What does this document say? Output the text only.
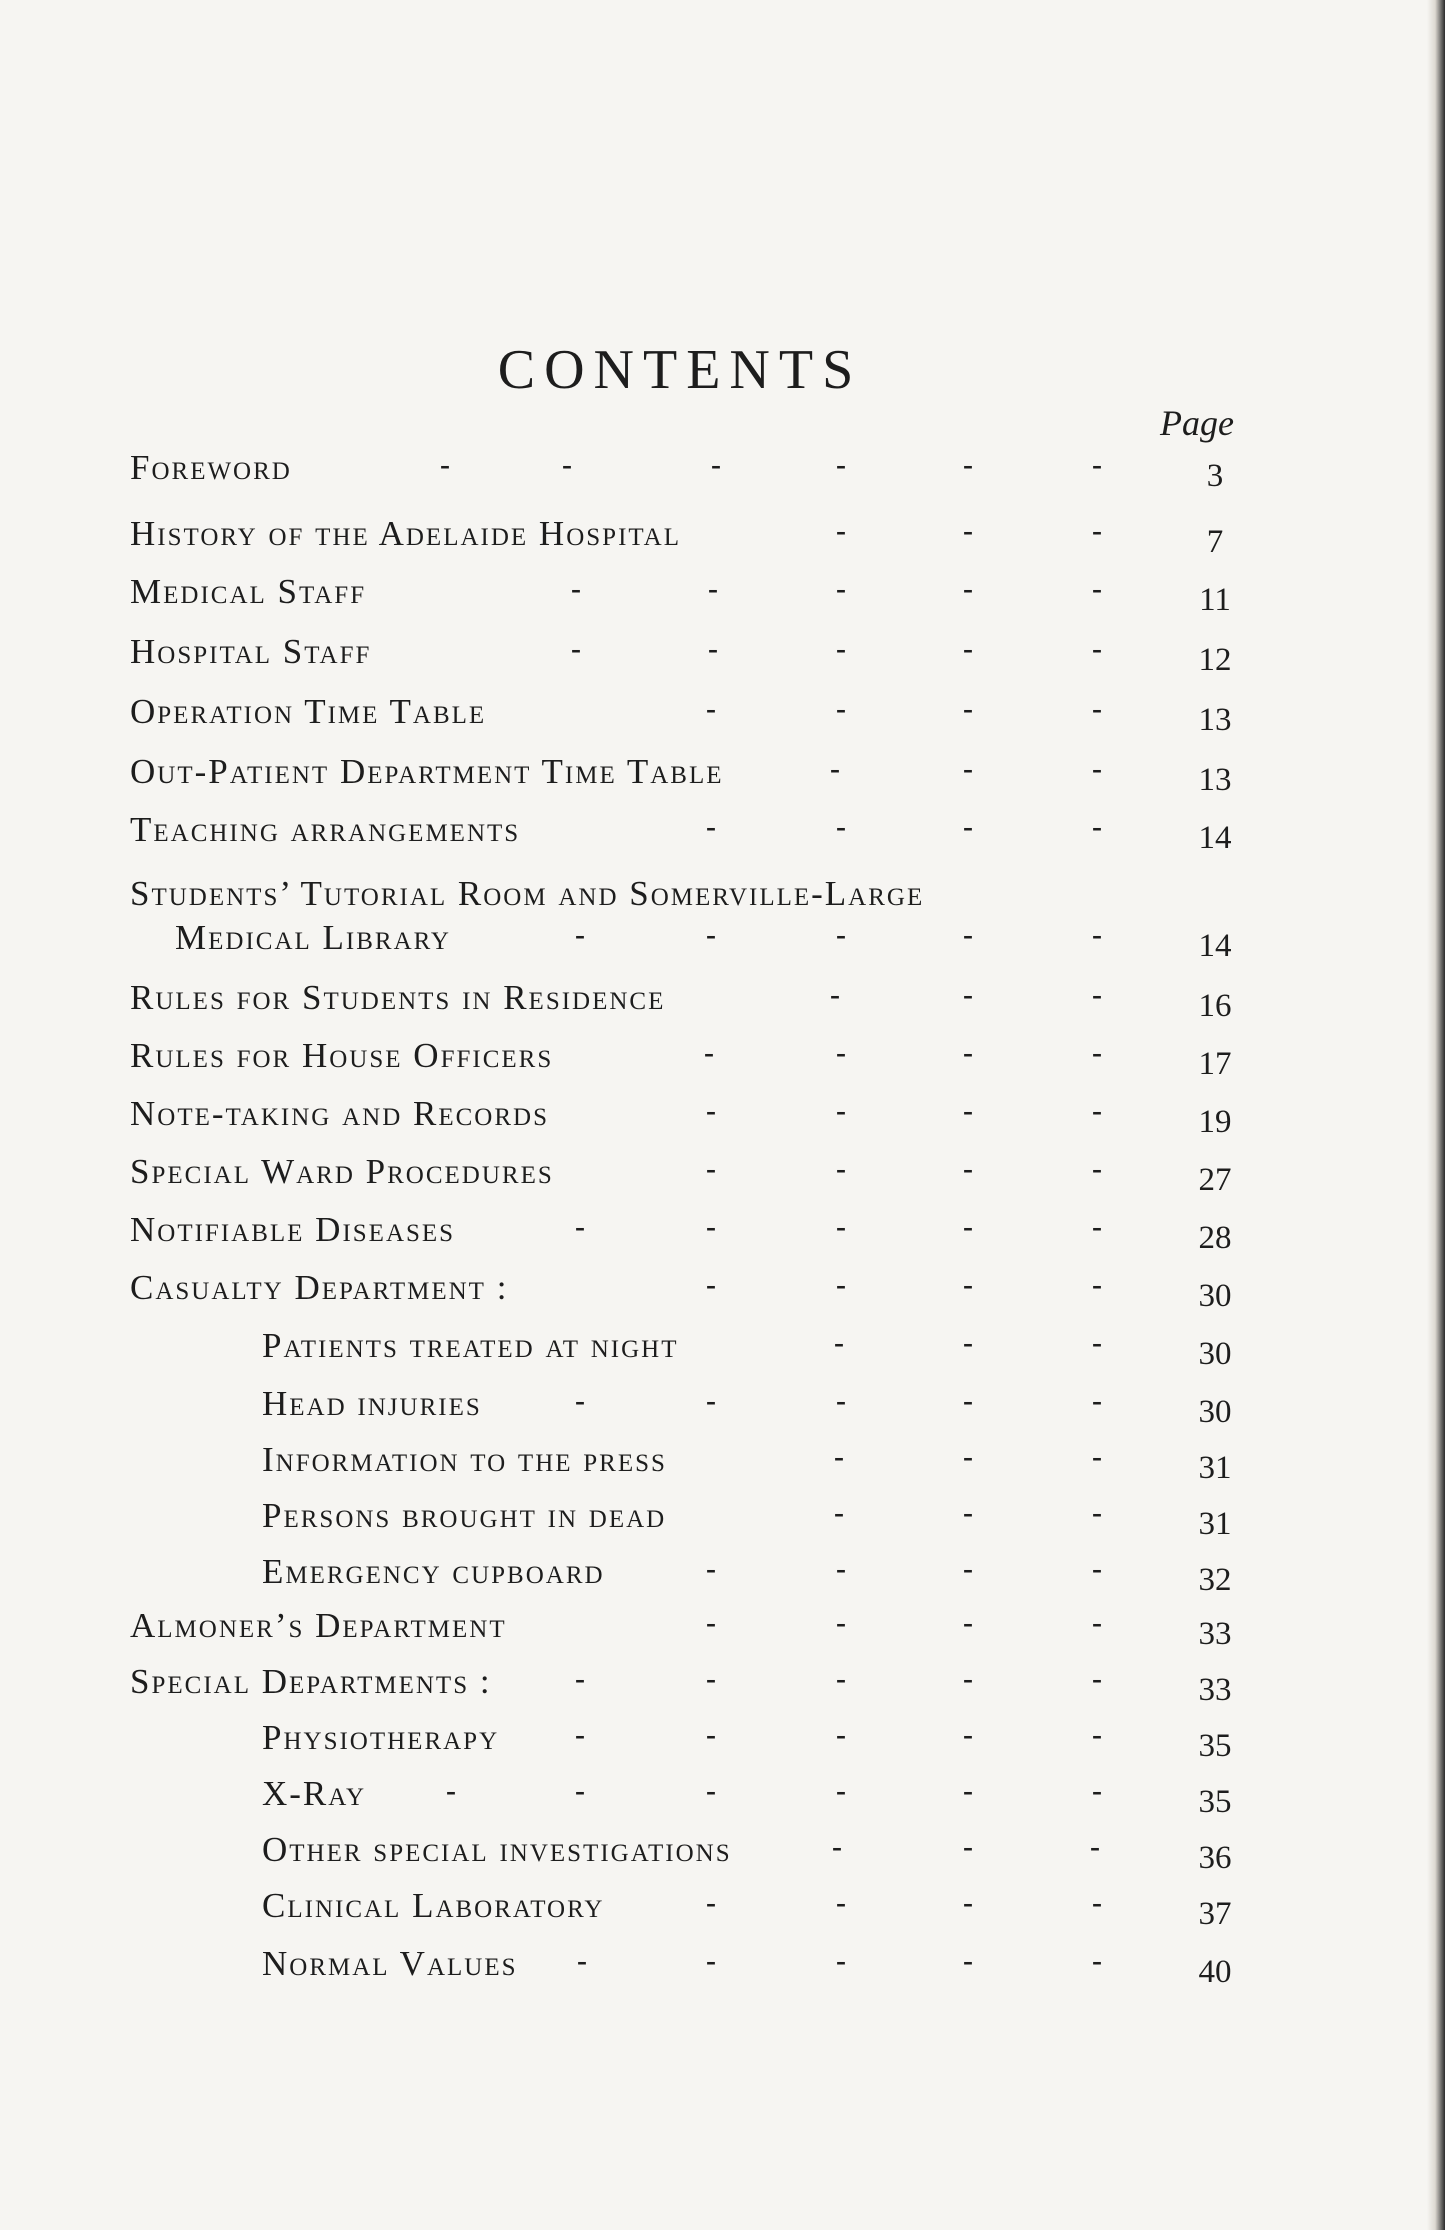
CONTENTS
Page
Foreword	-	-	-	-	-	-	3
History of the Adelaide Hospital	-	-	-	7
Medical Staff	-	-	-	-	-	11
Hospital Staff	-	-	-	-	-	12
Operation Time Table	-	-	-	-	13
Out-Patient Department Time Table	-	-	-	13
Teaching arrangements	-	-	-	-	14
Students’ Tutorial Room and Somerville-Large
Medical Library	-	-	-	-	-	14
Rules for Students in Residence	-	-	-	16
Rules for House Officers	-	-	-	-	17
Note-taking and Records	-	-	-	-	19
Special Ward Procedures	-	-	-	-	27
Notifiable Diseases	-	-	-	-	-	28
Casualty Department :	-	-	-	-	30
Patients treated at night	-	-	-	30
Head injuries	-	-	-	-	-	30
Information to the press	-	-	-	31
Persons brought in dead	-	-	-	31
Emergency cupboard	-	-	-	-	32
Almoner’s Department	-	-	-	-	33
Special Departments :	-	-	-	-	-	33
Physiotherapy	-	-	-	-	-	35
X-Ray	-	-	-	-	-	-	35
Other special investigations	-	-	-	36
Clinical Laboratory	-	-	-	-	37
Normal Values -	-	-	-	-	40
